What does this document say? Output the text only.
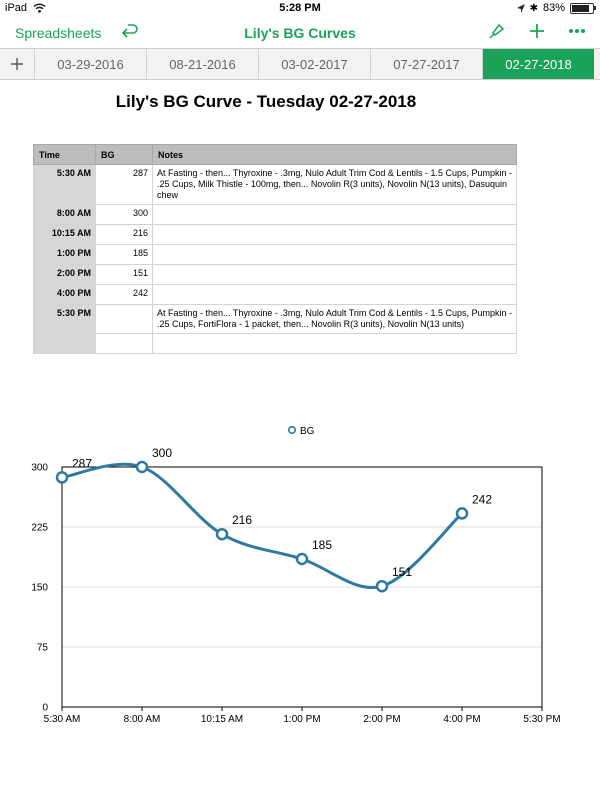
iPad	5:28 PM	✱ 83%
Spreadsheets	Lily's BG Curves
03-29-2016	08-21-2016	03-02-2017	07-27-2017	02-27-2018
Lily's BG Curve - Tuesday 02-27-2018
Time	BG	Notes
5:30 AM	287	At Fasting - then... Thyroxine - .3mg, Nulo Adult Trim Cod & Lentils - 1.5 Cups, Pumpkin - .25 Cups, Milk Thistle - 100mg, then... Novolin R(3 units), Novolin N(13 units), Dasuquin chew
8:00 AM	300	
10:15 AM	216	
1:00 PM	185	
2:00 PM	151	
4:00 PM	242	
5:30 PM		At Fasting - then... Thyroxine - .3mg, Nulo Adult Trim Cod & Lentils - 1.5 Cups, Pumpkin - .25 Cups, FortiFlora - 1 packet, then... Novolin R(3 units), Novolin N(13 units)

0
75
150
225
300
5:30 AM	8:00 AM	10:15 AM	1:00 PM	2:00 PM	4:00 PM	5:30 PM
BG
287
300
216
185
151
242
